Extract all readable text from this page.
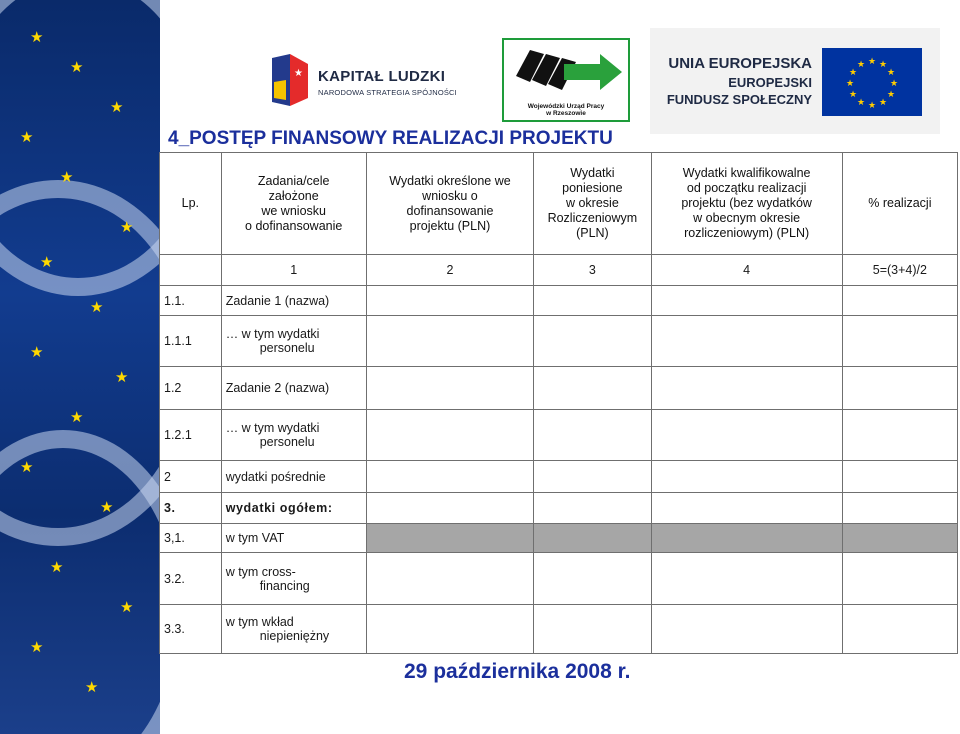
★
★
★
★
★
★
★
★
★
★
★
★
★
★
★
★
★
★ KAPITAŁ LUDZKI
NARODOWA STRATEGIA SPÓJNOŚCI
Wojewódzki Urząd Pracy
w Rzeszowie
UNIA EUROPEJSKA
EUROPEJSKI
FUNDUSZ SPOŁECZNY
★ ★
★
★
★
★
★
★
★
★
★
★
4_POSTĘP FINANSOWY REALIZACJI PROJEKTU
Lp.	Zadania/cele
założone
we wniosku
o dofinansowanie	Wydatki określone we
wniosku o
dofinansowanie
projektu (PLN)	Wydatki
poniesione
w okresie
Rozliczeniowym
(PLN)	Wydatki kwalifikowalne
od początku realizacji
projektu (bez wydatków
w obecnym okresie
rozliczeniowym) (PLN)	% realizacji
	1	2	3	4	5=(3+4)/2
1.1.	Zadanie 1 (nazwa)				
1.1.1	… w tym wydatki
personelu				

1.2	Zadanie 2 (nazwa)				
1.2.1	… w tym wydatki
personelu				

2	wydatki pośrednie				
3.	wydatki ogółem:				
3,1.	w tym VAT				
3.2.	w tym cross-
financing				

3.3.	w tym wkład
niepieniężny				

29 października 2008 r.
